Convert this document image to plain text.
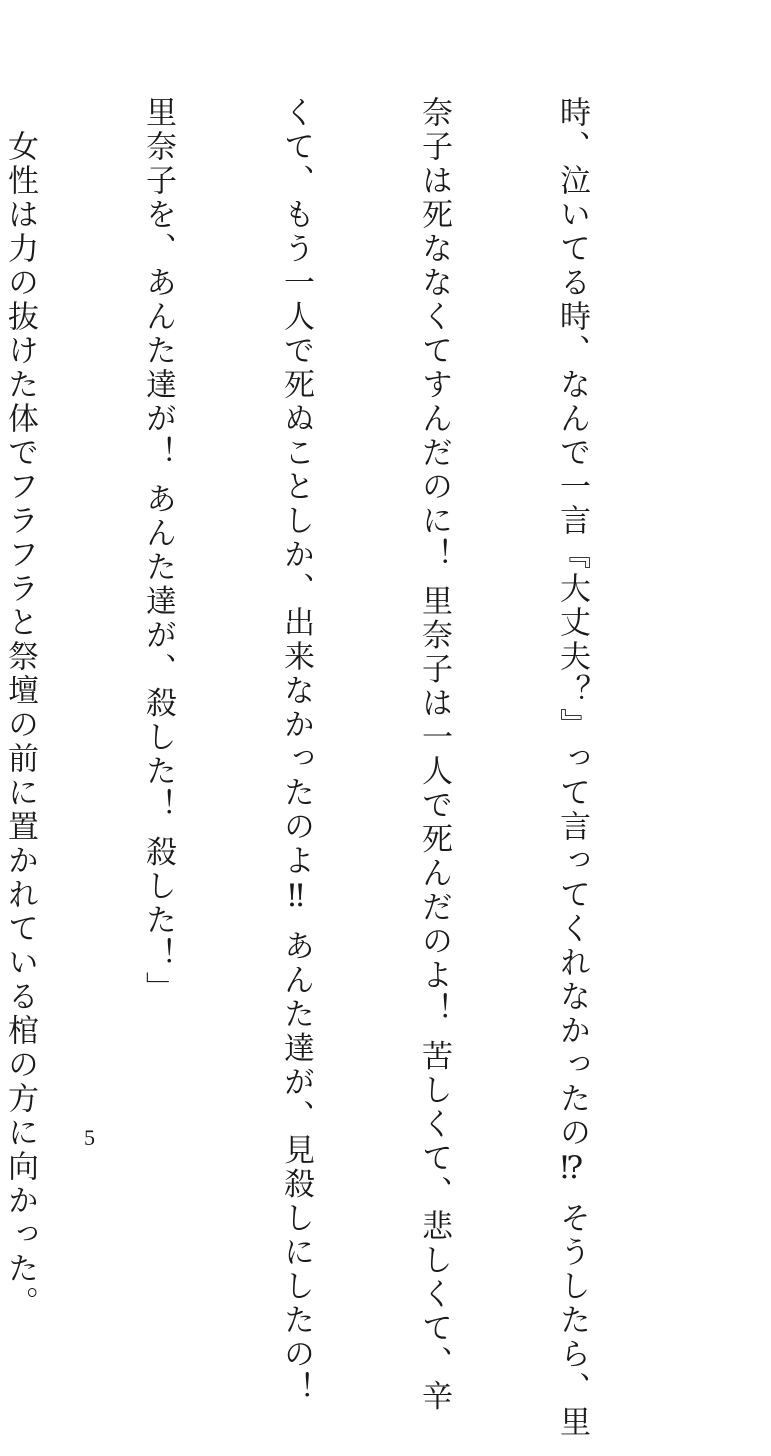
時、泣いてる時、なんで一言『大丈夫？』って言ってくれなかったの⁉ そうしたら、里

奈子は死ななくてすんだのに！ 里奈子は一人で死んだのよ！ 苦しくて、悲しくて、辛

くて、もう一人で死ぬことしか、出来なかったのよ‼ あんた達が、見殺しにしたの！

里奈子を、あんた達が！ あんた達が、殺した！ 殺した！」

　女性は力の抜けた体でフラフラと祭壇の前に置かれている棺の方に向かった。

5
